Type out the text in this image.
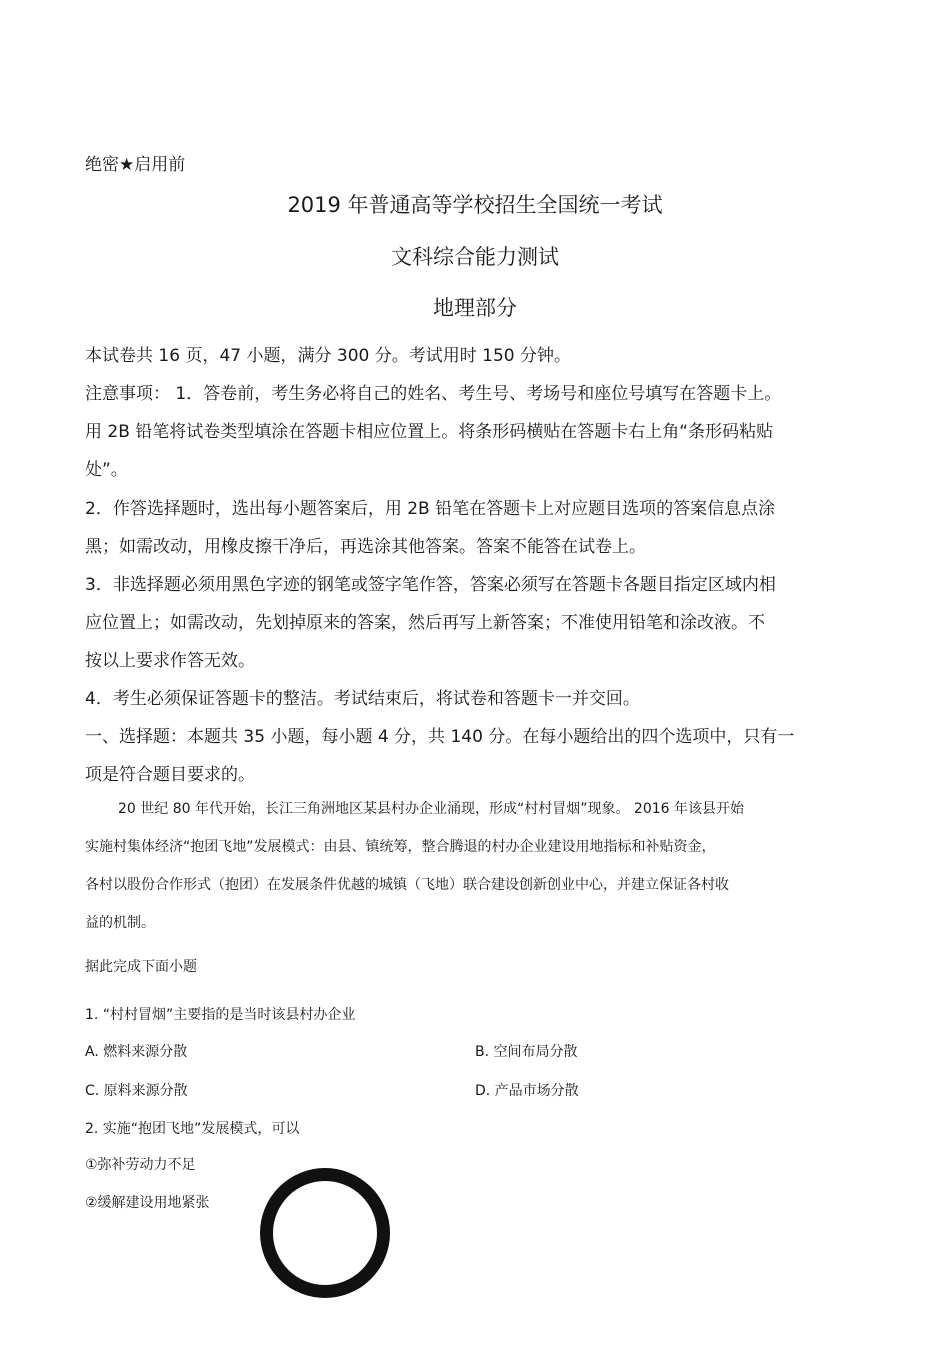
绝密★启用前
2019 年普通高等学校招生全国统一考试
文科综合能力测试
地理部分
本试卷共 16 页，47 小题，满分 300 分。考试用时 150 分钟。
注意事项： 1．答卷前，考生务必将自己的姓名、考生号、考场号和座位号填写在答题卡上。
用 2B 铅笔将试卷类型填涂在答题卡相应位置上。将条形码横贴在答题卡右上角“条形码粘贴
处”。
2．作答选择题时，选出每小题答案后，用 2B 铅笔在答题卡上对应题目选项的答案信息点涂
黑；如需改动，用橡皮擦干净后，再选涂其他答案。答案不能答在试卷上。
3．非选择题必须用黑色字迹的钢笔或签字笔作答，答案必须写在答题卡各题目指定区域内相
应位置上；如需改动，先划掉原来的答案，然后再写上新答案；不准使用铅笔和涂改液。不
按以上要求作答无效。
4．考生必须保证答题卡的整洁。考试结束后，将试卷和答题卡一并交回。
一、选择题：本题共 35 小题，每小题 4 分，共 140 分。在每小题给出的四个选项中，只有一
项是符合题目要求的。
20 世纪 80 年代开始，长江三角洲地区某县村办企业涌现，形成“村村冒烟”现象。 2016 年该县开始
实施村集体经济“抱团飞地”发展模式：由县、镇统筹，整合腾退的村办企业建设用地指标和补贴资金，
各村以股份合作形式（抱团）在发展条件优越的城镇（飞地）联合建设创新创业中心，并建立保证各村收
益的机制。
据此完成下面小题
1. “村村冒烟”主要指的是当时该县村办企业
A. 燃料来源分散	B. 空间布局分散
C. 原料来源分散	D. 产品市场分散
2. 实施“抱团飞地”发展模式，可以
①弥补劳动力不足
②缓解建设用地紧张
